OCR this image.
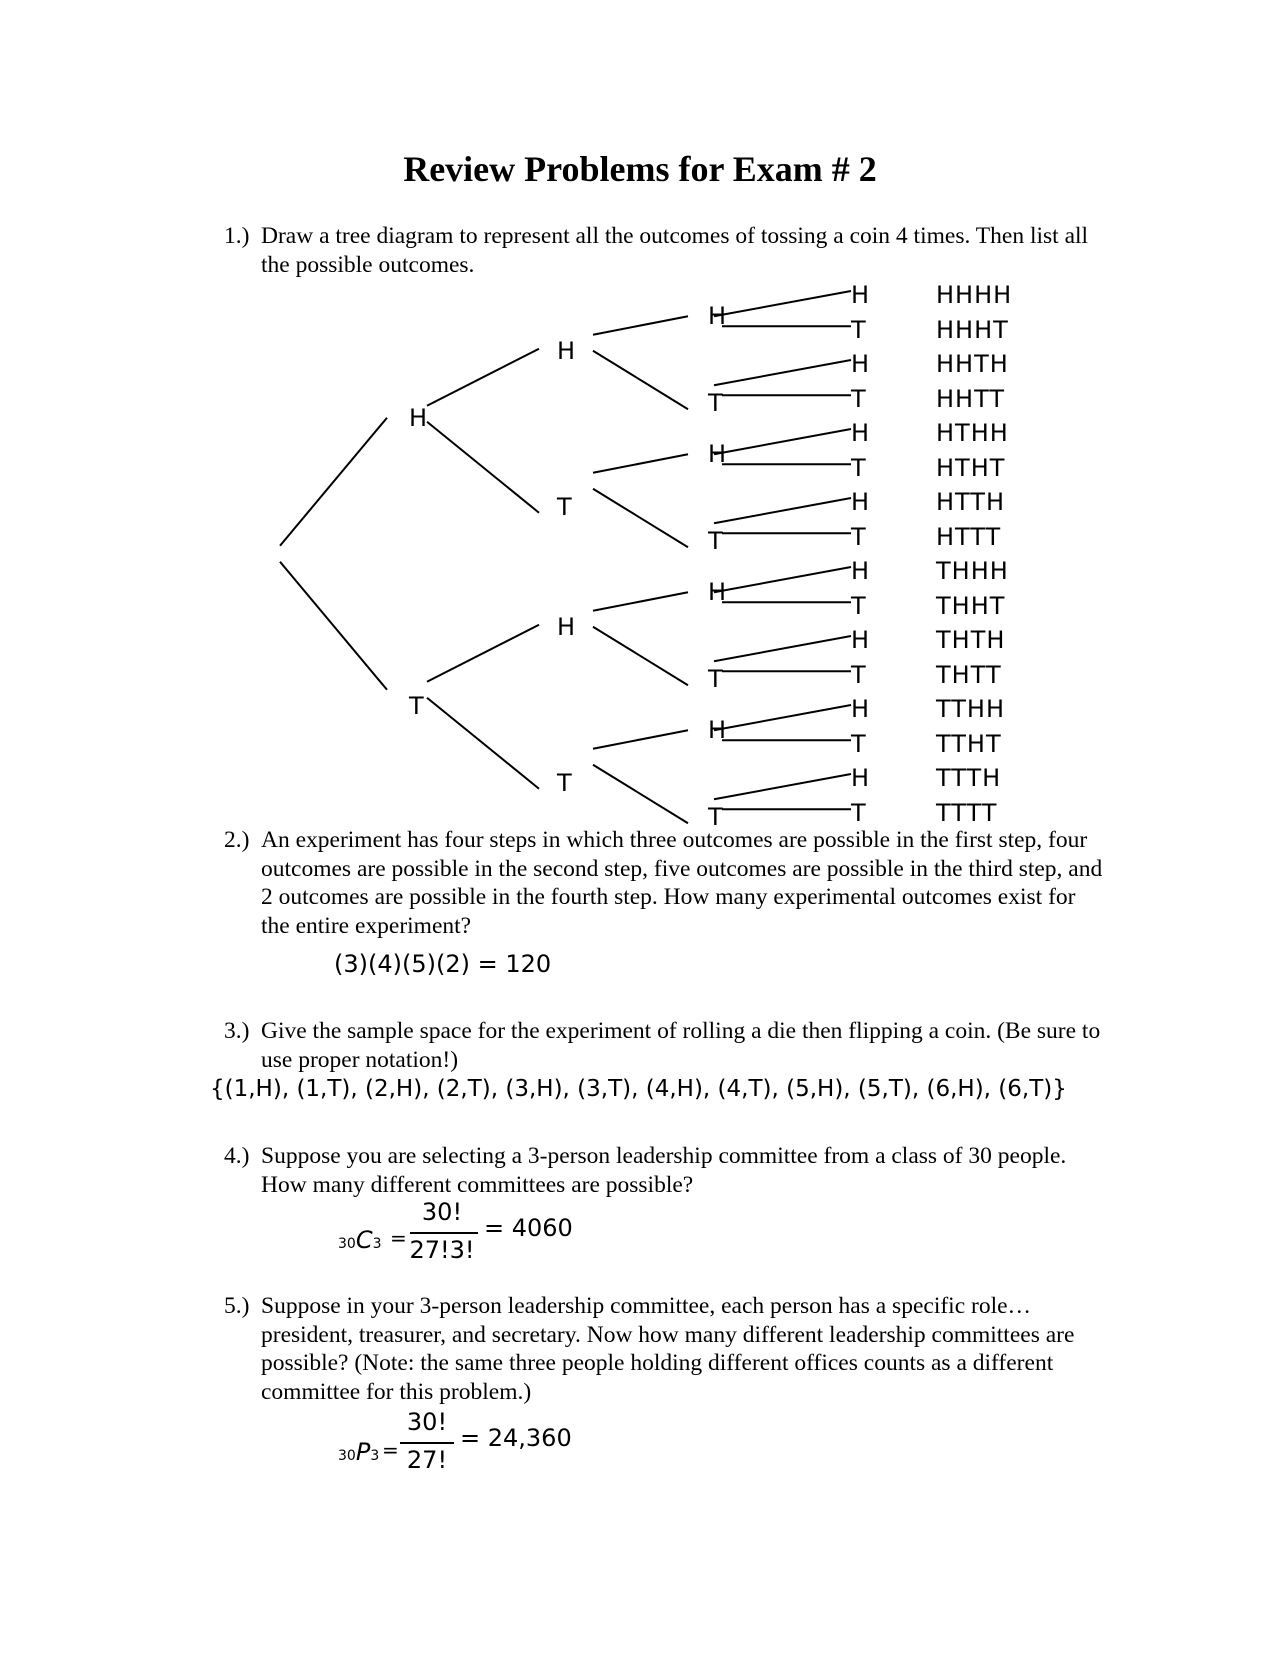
Review Problems for Exam # 2
1.) Draw a tree diagram to represent all the outcomes of tossing a coin 4 times. Then list all the possible outcomes.
H
T
H
T
H
T
H
T
H
T
H
T
H
T
H
T
H
T
H
T
H
T
H
T
H
T
H
T
H
T
HHHH
HHHT
HHTH
HHTT
HTHH
HTHT
HTTH
HTTT
THHH
THHT
THTH
THTT
TTHH
TTHT
TTTH
TTTT
2.) An experiment has four steps in which three outcomes are possible in the first step, four outcomes are possible in the second step, five outcomes are possible in the third step, and 2 outcomes are possible in the fourth step. How many experimental outcomes exist for the entire experiment?
(3)(4)(5)(2) = 120
3.) Give the sample space for the experiment of rolling a die then flipping a coin. (Be sure to use proper notation!)
{(1,H), (1,T), (2,H), (2,T), (3,H), (3,T), (4,H), (4,T), (5,H), (5,T), (6,H), (6,T)}
4.) Suppose you are selecting a 3-person leadership committee from a class of 30 people. How many different committees are possible?
30C3 =
30!
27!3!
= 4060
5.) Suppose in your 3-person leadership committee, each person has a specific role… president, treasurer, and secretary. Now how many different leadership committees are possible? (Note: the same three people holding different offices counts as a different committee for this problem.)
30P3 =
30!
27!
= 24,360
